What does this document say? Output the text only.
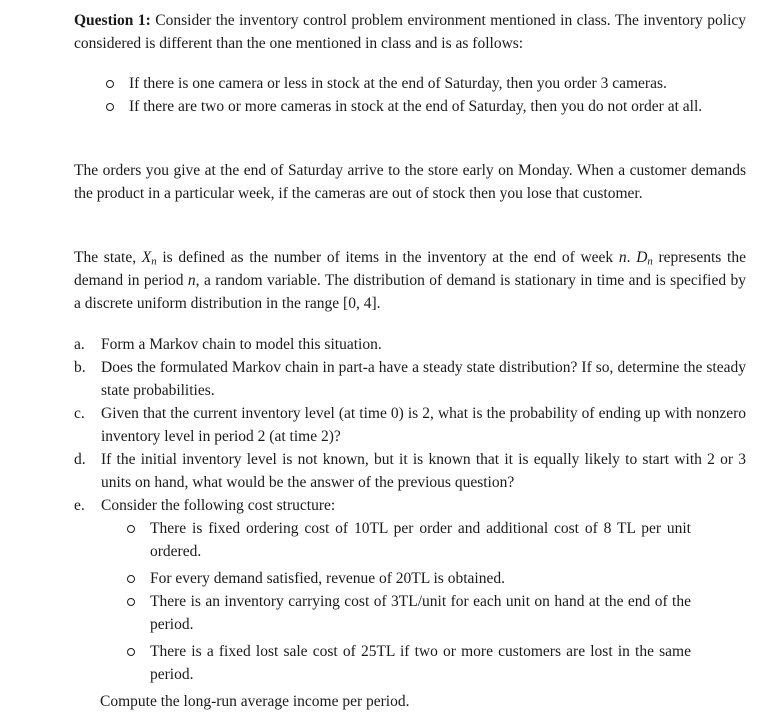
Question 1: Consider the inventory control problem environment mentioned in class. The inventory policy considered is different than the one mentioned in class and is as follows:

If there is one camera or less in stock at the end of Saturday, then you order 3 cameras.
If there are two or more cameras in stock at the end of Saturday, then you do not order at all.

The orders you give at the end of Saturday arrive to the store early on Monday. When a customer demands the product in a particular week, if the cameras are out of stock then you lose that customer.

The state, $X_n$ is defined as the number of items in the inventory at the end of week n. $D_n$ represents the demand in period n, a random variable. The distribution of demand is stationary in time and is specified by a discrete uniform distribution in the range [0, 4].

a. Form a Markov chain to model this situation.
b. Does the formulated Markov chain in part-a have a steady state distribution? If so, determine the steady state probabilities.
c. Given that the current inventory level (at time 0) is 2, what is the probability of ending up with nonzero inventory level in period 2 (at time 2)?
d. If the initial inventory level is not known, but it is known that it is equally likely to start with 2 or 3 units on hand, what would be the answer of the previous question?
e. Consider the following cost structure:
There is fixed ordering cost of 10TL per order and additional cost of 8 TL per unit ordered.
For every demand satisfied, revenue of 20TL is obtained.
There is an inventory carrying cost of 3TL/unit for each unit on hand at the end of the period.
There is a fixed lost sale cost of 25TL if two or more customers are lost in the same period.

Compute the long-run average income per period.
